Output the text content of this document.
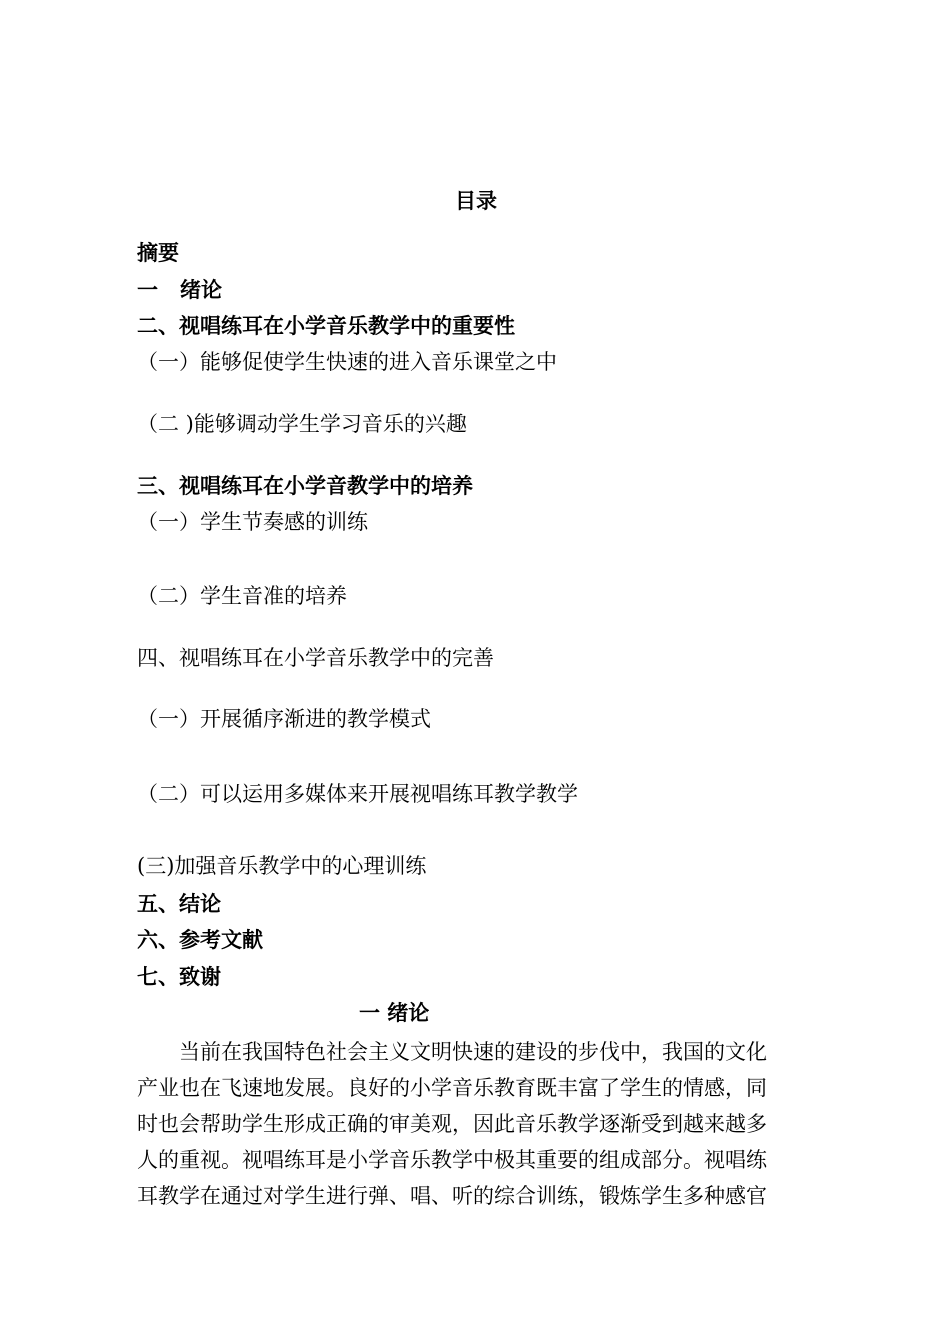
目录
摘要
一 绪论
二、视唱练耳在小学音乐教学中的重要性
（一）能够促使学生快速的进入音乐课堂之中
（二 )能够调动学生学习音乐的兴趣
三、视唱练耳在小学音教学中的培养
（一）学生节奏感的训练
（二）学生音准的培养
四、视唱练耳在小学音乐教学中的完善
（一）开展循序渐进的教学模式
（二）可以运用多媒体来开展视唱练耳教学教学
(三)加强音乐教学中的心理训练
五、结论
六、参考文献
七、致谢
一 绪论
当前在我国特色社会主义文明快速的建设的步伐中，我国的文化
产业也在飞速地发展。良好的小学音乐教育既丰富了学生的情感，同
时也会帮助学生形成正确的审美观，因此音乐教学逐渐受到越来越多
人的重视。视唱练耳是小学音乐教学中极其重要的组成部分。视唱练
耳教学在通过对学生进行弹、唱、听的综合训练，锻炼学生多种感官
